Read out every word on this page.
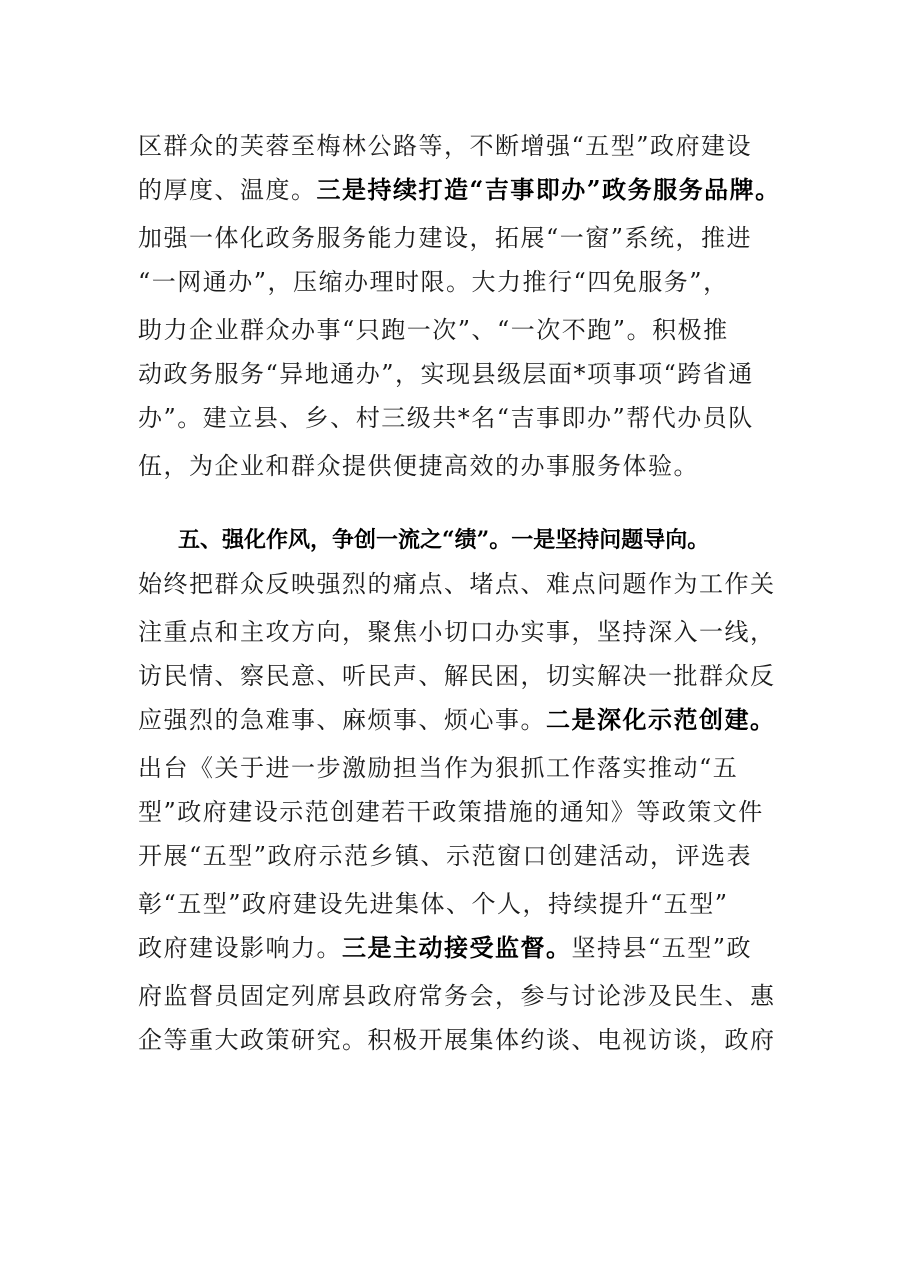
区群众的芙蓉至梅林公路等，不断增强“五型”政府建设
的厚度、温度。三是持续打造“吉事即办”政务服务品牌。
加强一体化政务服务能力建设，拓展“一窗”系统，推进
“一网通办”，压缩办理时限。大力推行“四免服务”，
助力企业群众办事“只跑一次”、“一次不跑”。积极推
动政务服务“异地通办”，实现县级层面*项事项“跨省通
办”。建立县、乡、村三级共*名“吉事即办”帮代办员队
伍，为企业和群众提供便捷高效的办事服务体验。
五、强化作风，争创一流之“绩”。一是坚持问题导向。
始终把群众反映强烈的痛点、堵点、难点问题作为工作关
注重点和主攻方向，聚焦小切口办实事，坚持深入一线，
访民情、察民意、听民声、解民困，切实解决一批群众反
应强烈的急难事、麻烦事、烦心事。二是深化示范创建。
出台《关于进一步激励担当作为狠抓工作落实推动“五
型”政府建设示范创建若干政策措施的通知》等政策文件
开展“五型”政府示范乡镇、示范窗口创建活动，评选表
彰“五型”政府建设先进集体、个人，持续提升“五型”
政府建设影响力。三是主动接受监督。坚持县“五型”政
府监督员固定列席县政府常务会，参与讨论涉及民生、惠
企等重大政策研究。积极开展集体约谈、电视访谈，政府
